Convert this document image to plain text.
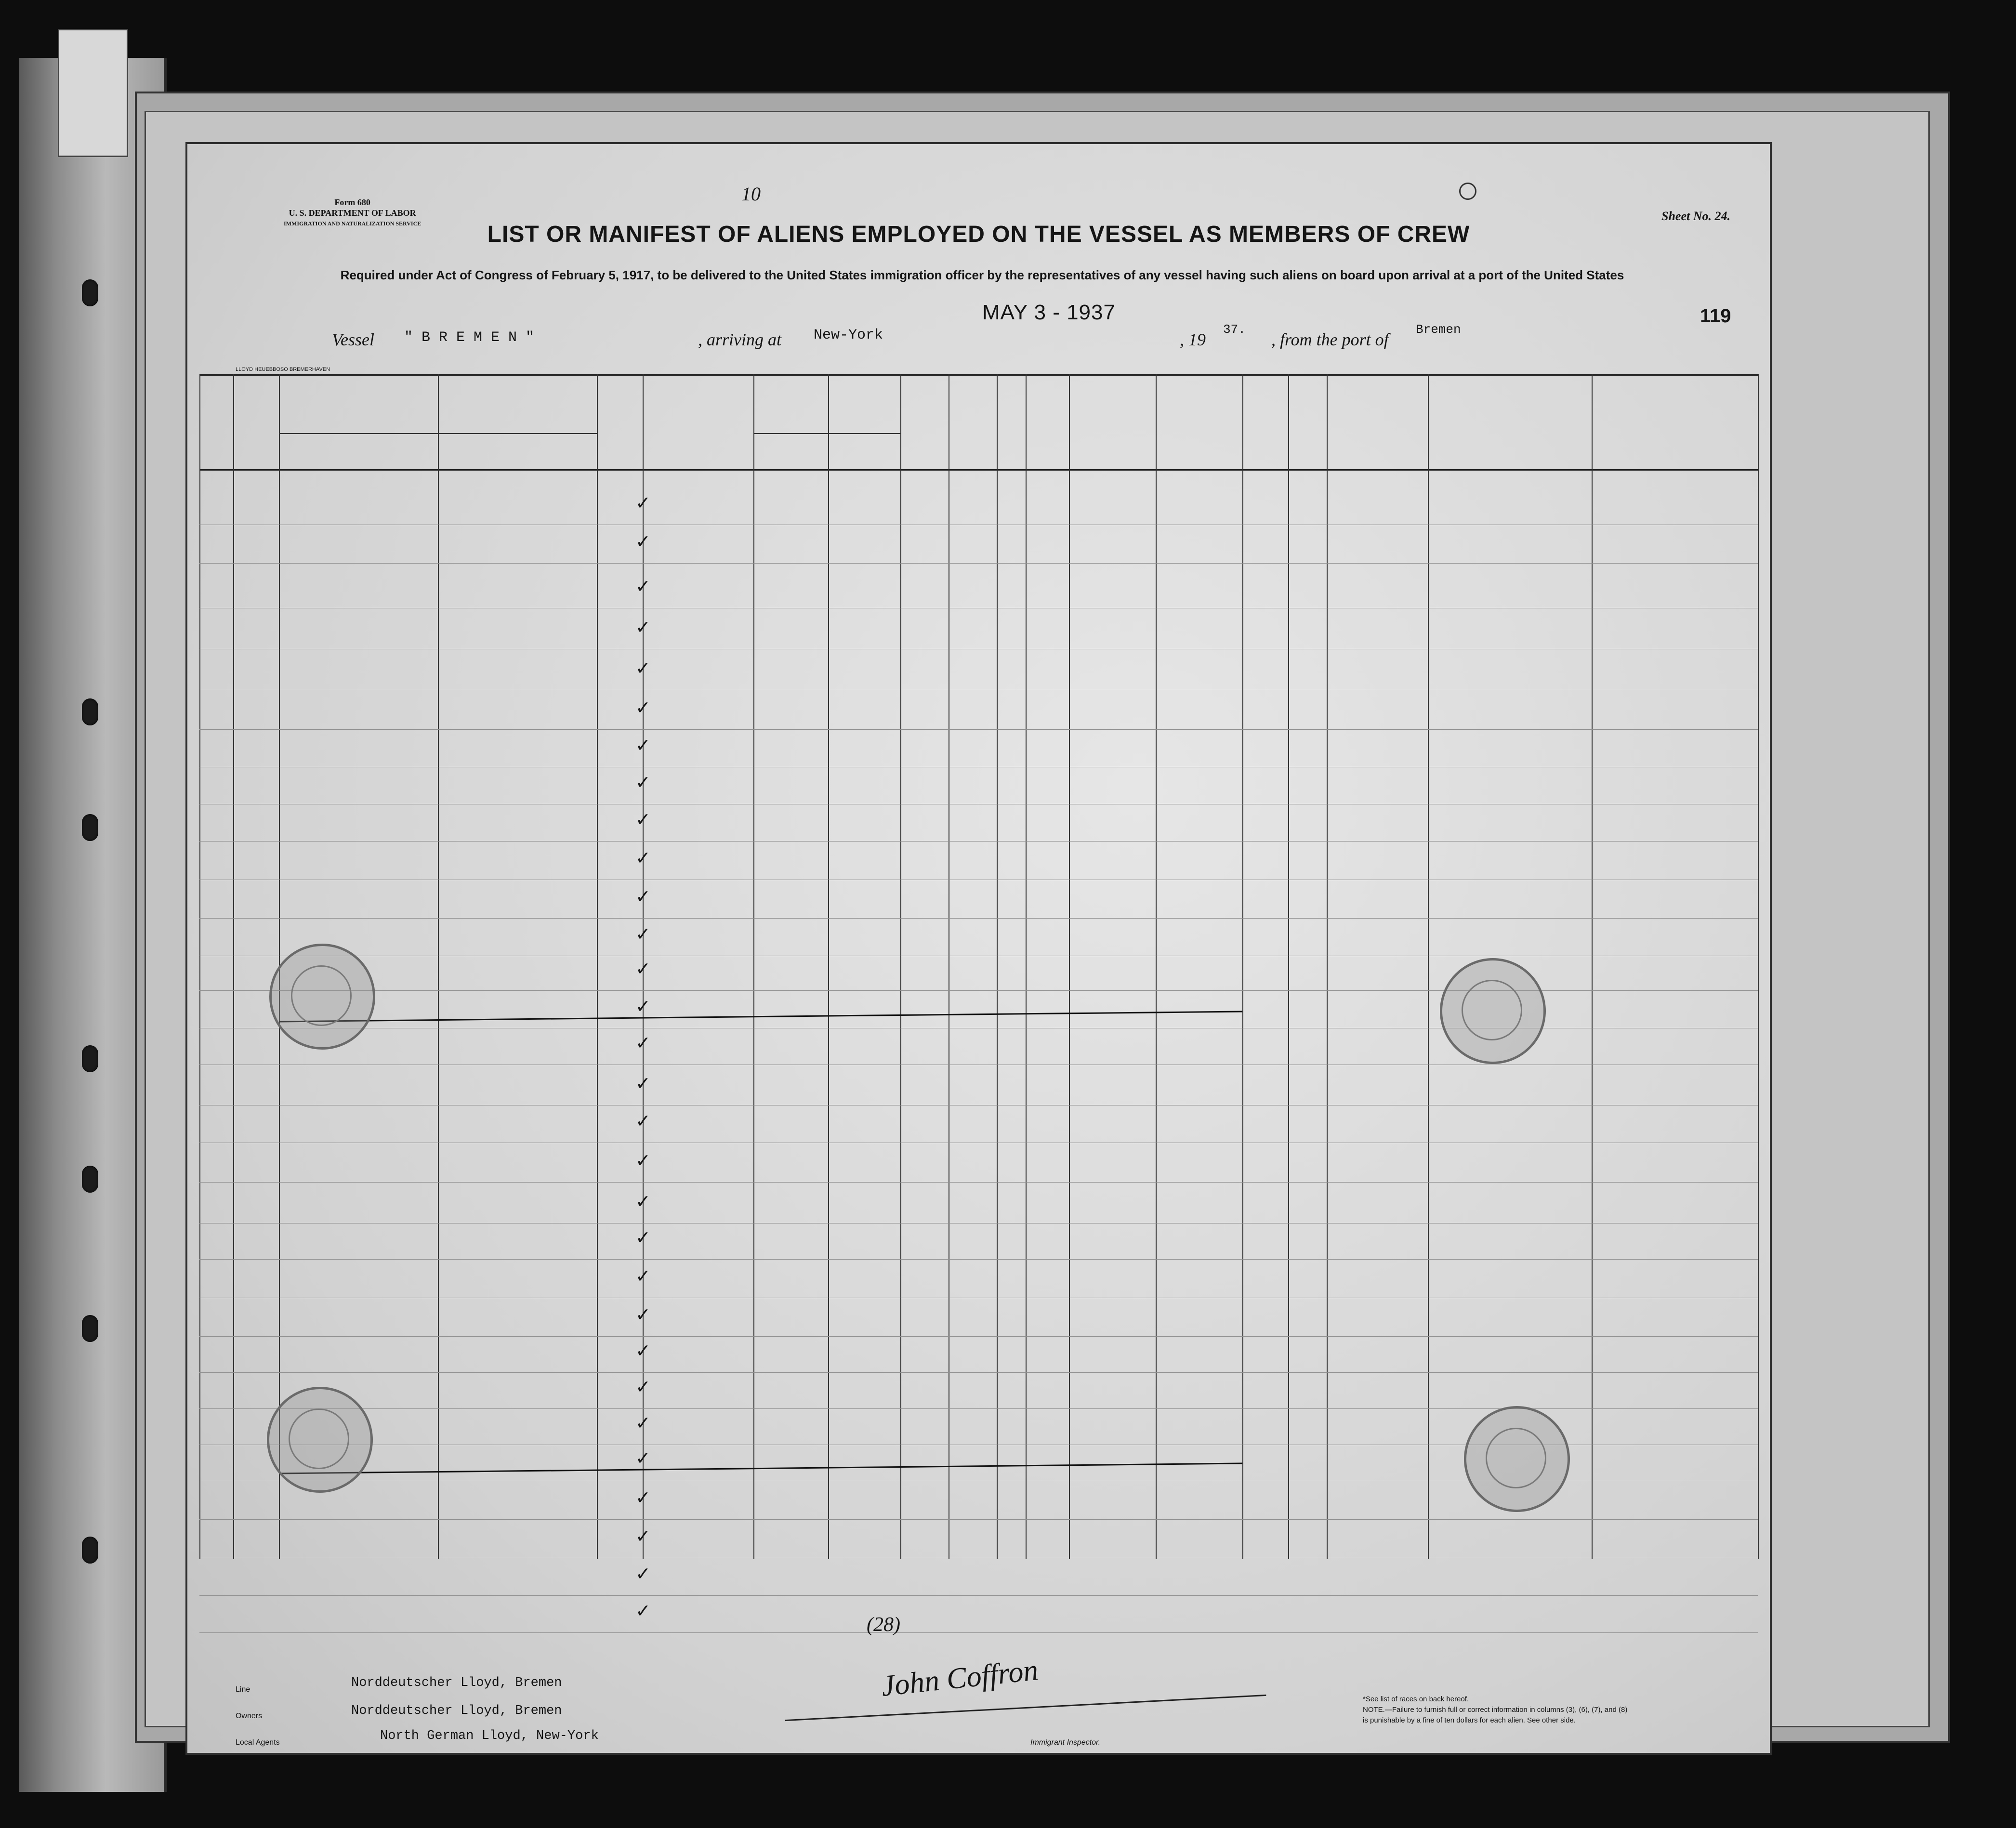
Form 680
U. S. DEPARTMENT OF LABOR
IMMIGRATION AND NATURALIZATION SERVICE
10
Sheet No. 24.
LIST OR MANIFEST OF ALIENS EMPLOYED ON THE VESSEL AS MEMBERS OF CREW
Required under Act of Congress of February 5, 1917, to be delivered to the United States immigration officer by the representatives of any vessel having such aliens on board upon arrival at a port of the United States
MAY 3 - 1937	119
Vessel " B R E M E N "	, arriving at New-York	, 19
37.
, from the port of
Bremen
LLOYD HEUEBBOSO BREMERHAVEN
✓
✓
✓
✓
✓
✓
✓
✓
✓
✓
✓
✓
✓
✓
✓
✓
✓
✓
✓
✓
✓
✓
✓
✓
✓
✓
✓
✓
✓
✓
(28)
Line	Norddeutscher Lloyd, Bremen
Owners	Norddeutscher Lloyd, Bremen
Local Agents	North German Lloyd, New-York
John Coffron
Immigrant Inspector.
*See list of races on back hereof.
NOTE.—Failure to furnish full or correct information in columns (3), (6), (7), and (8)
is punishable by a fine of ten dollars for each alien. See other side.
